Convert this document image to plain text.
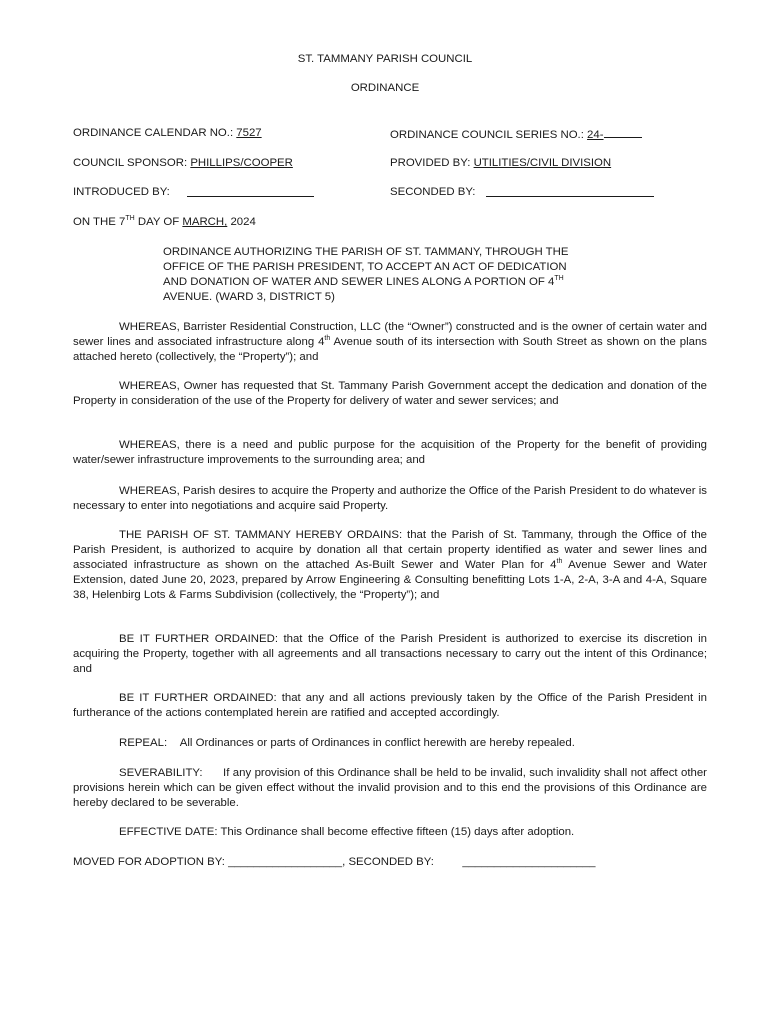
ST. TAMMANY PARISH COUNCIL
ORDINANCE
ORDINANCE CALENDAR NO.: 7527	ORDINANCE COUNCIL SERIES NO.: 24-
COUNCIL SPONSOR: PHILLIPS/COOPER	PROVIDED BY: UTILITIES/CIVIL DIVISION
INTRODUCED BY:	SECONDED BY:
ON THE 7TH DAY OF MARCH, 2024
ORDINANCE AUTHORIZING THE PARISH OF ST. TAMMANY, THROUGH THE
OFFICE OF THE PARISH PRESIDENT, TO ACCEPT AN ACT OF DEDICATION
AND DONATION OF WATER AND SEWER LINES ALONG A PORTION OF 4TH
AVENUE. (WARD 3, DISTRICT 5)
WHEREAS, Barrister Residential Construction, LLC (the “Owner”) constructed and is the owner of certain water and sewer lines and associated infrastructure along 4th Avenue south of its intersection with South Street as shown on the plans attached hereto (collectively, the “Property”); and
WHEREAS, Owner has requested that St. Tammany Parish Government accept the dedication and donation of the Property in consideration of the use of the Property for delivery of water and sewer services; and
WHEREAS, there is a need and public purpose for the acquisition of the Property for the benefit of providing water/sewer infrastructure improvements to the surrounding area; and
WHEREAS, Parish desires to acquire the Property and authorize the Office of the Parish President to do whatever is necessary to enter into negotiations and acquire said Property.
THE PARISH OF ST. TAMMANY HEREBY ORDAINS: that the Parish of St. Tammany, through the Office of the Parish President, is authorized to acquire by donation all that certain property identified as water and sewer lines and associated infrastructure as shown on the attached As-Built Sewer and Water Plan for 4th Avenue Sewer and Water Extension, dated June 20, 2023, prepared by Arrow Engineering & Consulting benefitting Lots 1-A, 2-A, 3-A and 4-A, Square 38, Helenbirg Lots & Farms Subdivision (collectively, the “Property”); and
BE IT FURTHER ORDAINED: that the Office of the Parish President is authorized to exercise its discretion in acquiring the Property, together with all agreements and all transactions necessary to carry out the intent of this Ordinance; and
BE IT FURTHER ORDAINED: that any and all actions previously taken by the Office of the Parish President in furtherance of the actions contemplated herein are ratified and accepted accordingly.
REPEAL: All Ordinances or parts of Ordinances in conflict herewith are hereby repealed.
SEVERABILITY: If any provision of this Ordinance shall be held to be invalid, such invalidity shall not affect other provisions herein which can be given effect without the invalid provision and to this end the provisions of this Ordinance are hereby declared to be severable.
EFFECTIVE DATE: This Ordinance shall become effective fifteen (15) days after adoption.
MOVED FOR ADOPTION BY: __________________, SECONDED BY: _____________________
